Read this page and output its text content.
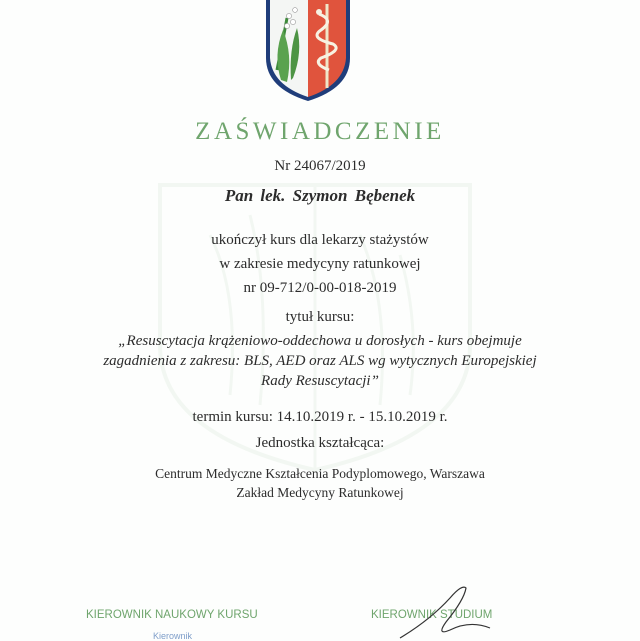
ZAŚWIADCZENIE
Nr 24067/2019
Pan lek. Szymon Bębenek
ukończył kurs dla lekarzy stażystów
w zakresie medycyny ratunkowej
nr 09-712/0-00-018-2019
tytuł kursu:
„Resuscytacja krążeniowo-oddechowa u dorosłych - kurs obejmuje
zagadnienia z zakresu: BLS, AED oraz ALS wg wytycznych Europejskiej
Rady Resuscytacji”
termin kursu: 14.10.2019 r. - 15.10.2019 r.
Jednostka kształcąca:
Centrum Medyczne Kształcenia Podyplomowego, Warszawa
Zakład Medycyny Ratunkowej
KIEROWNIK NAUKOWY KURSU	KIEROWNIK STUDIUM
Kierownik
